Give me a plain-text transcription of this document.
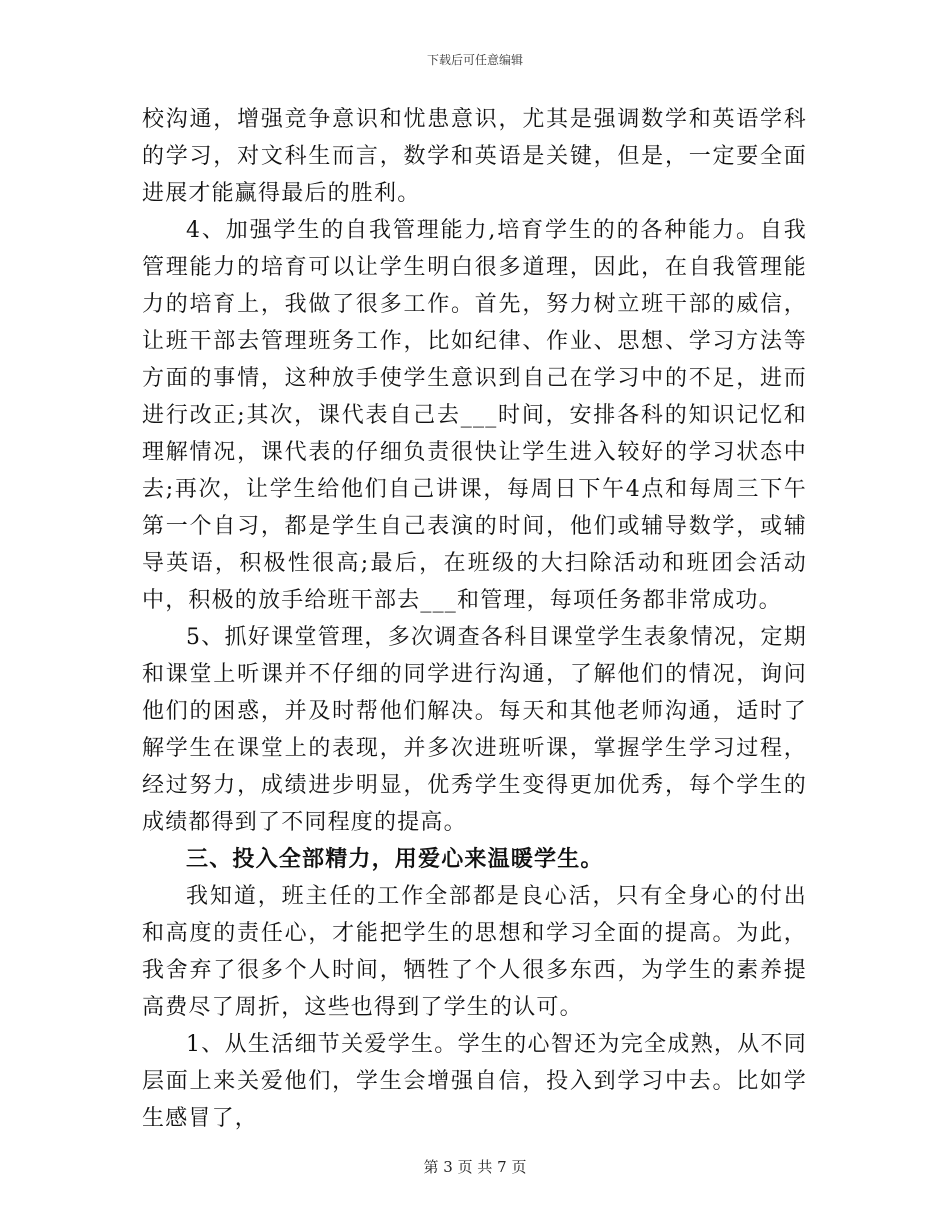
下载后可任意编辑

校沟通，增强竞争意识和忧患意识，尤其是强调数学和英语学科的学习，对文科生而言，数学和英语是关键，但是，一定要全面进展才能赢得最后的胜利。

4、加强学生的自我管理能力,培育学生的的各种能力。自我管理能力的培育可以让学生明白很多道理，因此，在自我管理能力的培育上，我做了很多工作。首先，努力树立班干部的威信，让班干部去管理班务工作，比如纪律、作业、思想、学习方法等方面的事情，这种放手使学生意识到自己在学习中的不足，进而进行改正;其次，课代表自己去___时间，安排各科的知识记忆和理解情况，课代表的仔细负责很快让学生进入较好的学习状态中去;再次，让学生给他们自己讲课，每周日下午4点和每周三下午第一个自习，都是学生自己表演的时间，他们或辅导数学，或辅导英语，积极性很高;最后，在班级的大扫除活动和班团会活动中，积极的放手给班干部去___和管理，每项任务都非常成功。

5、抓好课堂管理，多次调查各科目课堂学生表象情况，定期和课堂上听课并不仔细的同学进行沟通，了解他们的情况，询问他们的困惑，并及时帮他们解决。每天和其他老师沟通，适时了解学生在课堂上的表现，并多次进班听课，掌握学生学习过程，经过努力，成绩进步明显，优秀学生变得更加优秀，每个学生的成绩都得到了不同程度的提高。

三、投入全部精力，用爱心来温暖学生。

我知道，班主任的工作全部都是良心活，只有全身心的付出和高度的责任心，才能把学生的思想和学习全面的提高。为此，我舍弃了很多个人时间，牺牲了个人很多东西，为学生的素养提高费尽了周折，这些也得到了学生的认可。

1、从生活细节关爱学生。学生的心智还为完全成熟，从不同层面上来关爱他们，学生会增强自信，投入到学习中去。比如学生感冒了，

第 3 页 共 7 页
